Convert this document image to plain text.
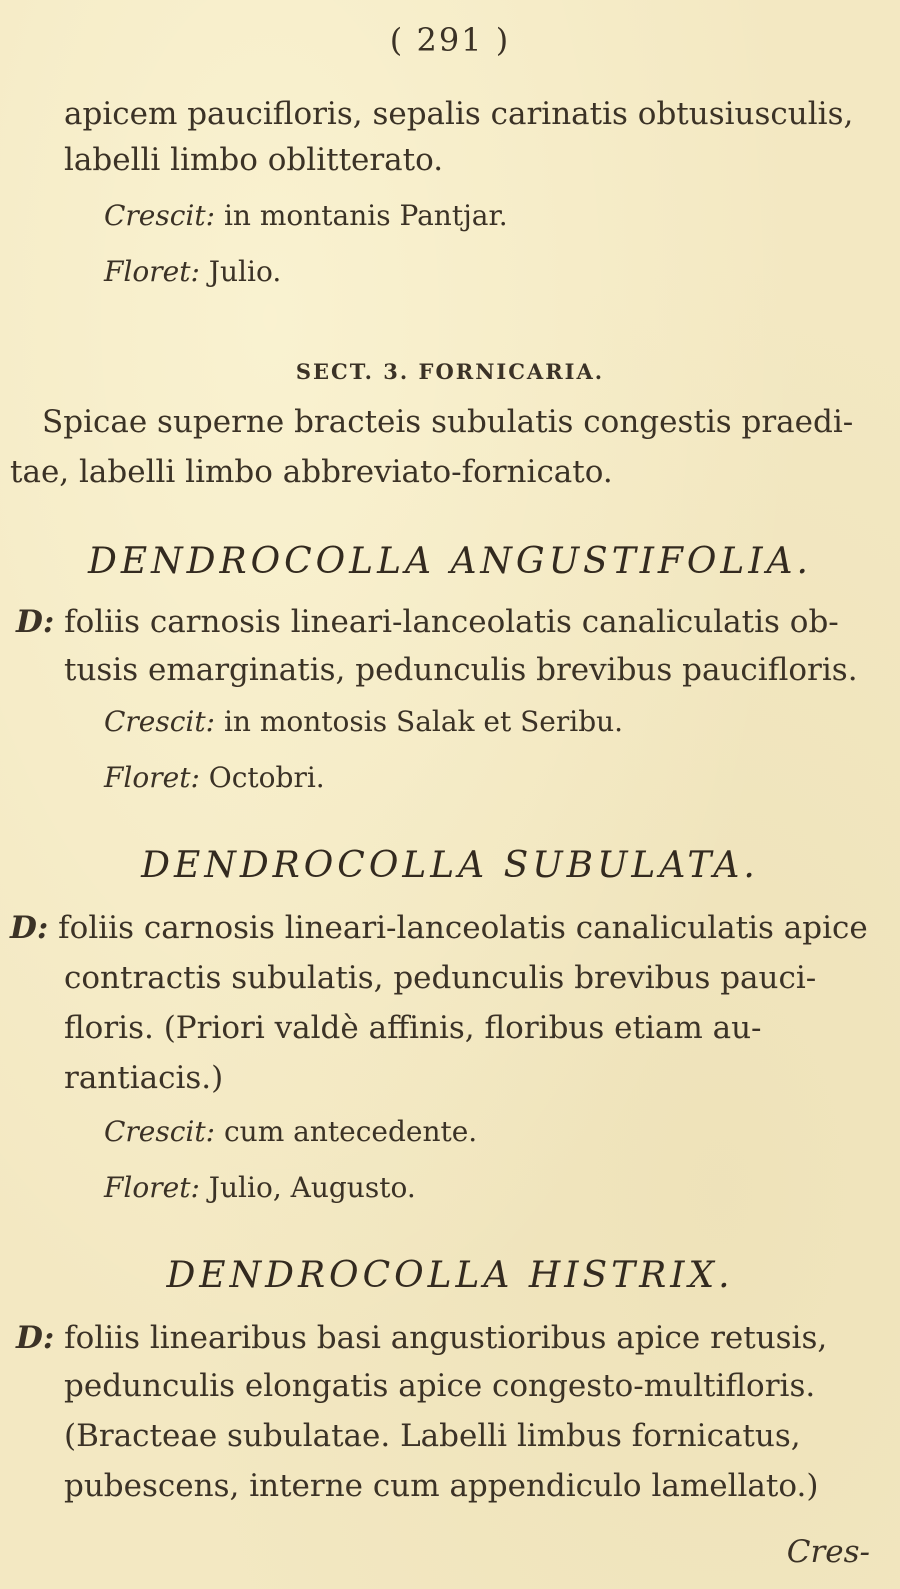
( 291 )
apicem paucifloris, sepalis carinatis obtusiusculis,
labelli limbo oblitterato.
Crescit: in montanis Pantjar.
Floret: Julio.
SECT. 3. FORNICARIA.
Spicae superne bracteis subulatis congestis praedi-
tae, labelli limbo abbreviato-fornicato.
DENDROCOLLA ANGUSTIFOLIA.
D: foliis carnosis lineari-lanceolatis canaliculatis ob-
tusis emarginatis, pedunculis brevibus paucifloris.
Crescit: in montosis Salak et Seribu.
Floret: Octobri.
DENDROCOLLA SUBULATA.
D: foliis carnosis lineari-lanceolatis canaliculatis apice
contractis subulatis, pedunculis brevibus pauci-
floris. (Priori valdè affinis, floribus etiam au-
rantiacis.)
Crescit: cum antecedente.
Floret: Julio, Augusto.
DENDROCOLLA HISTRIX.
D: foliis linearibus basi angustioribus apice retusis,
pedunculis elongatis apice congesto-multifloris.
(Bracteae subulatae. Labelli limbus fornicatus,
pubescens, interne cum appendiculo lamellato.)
Cres-
